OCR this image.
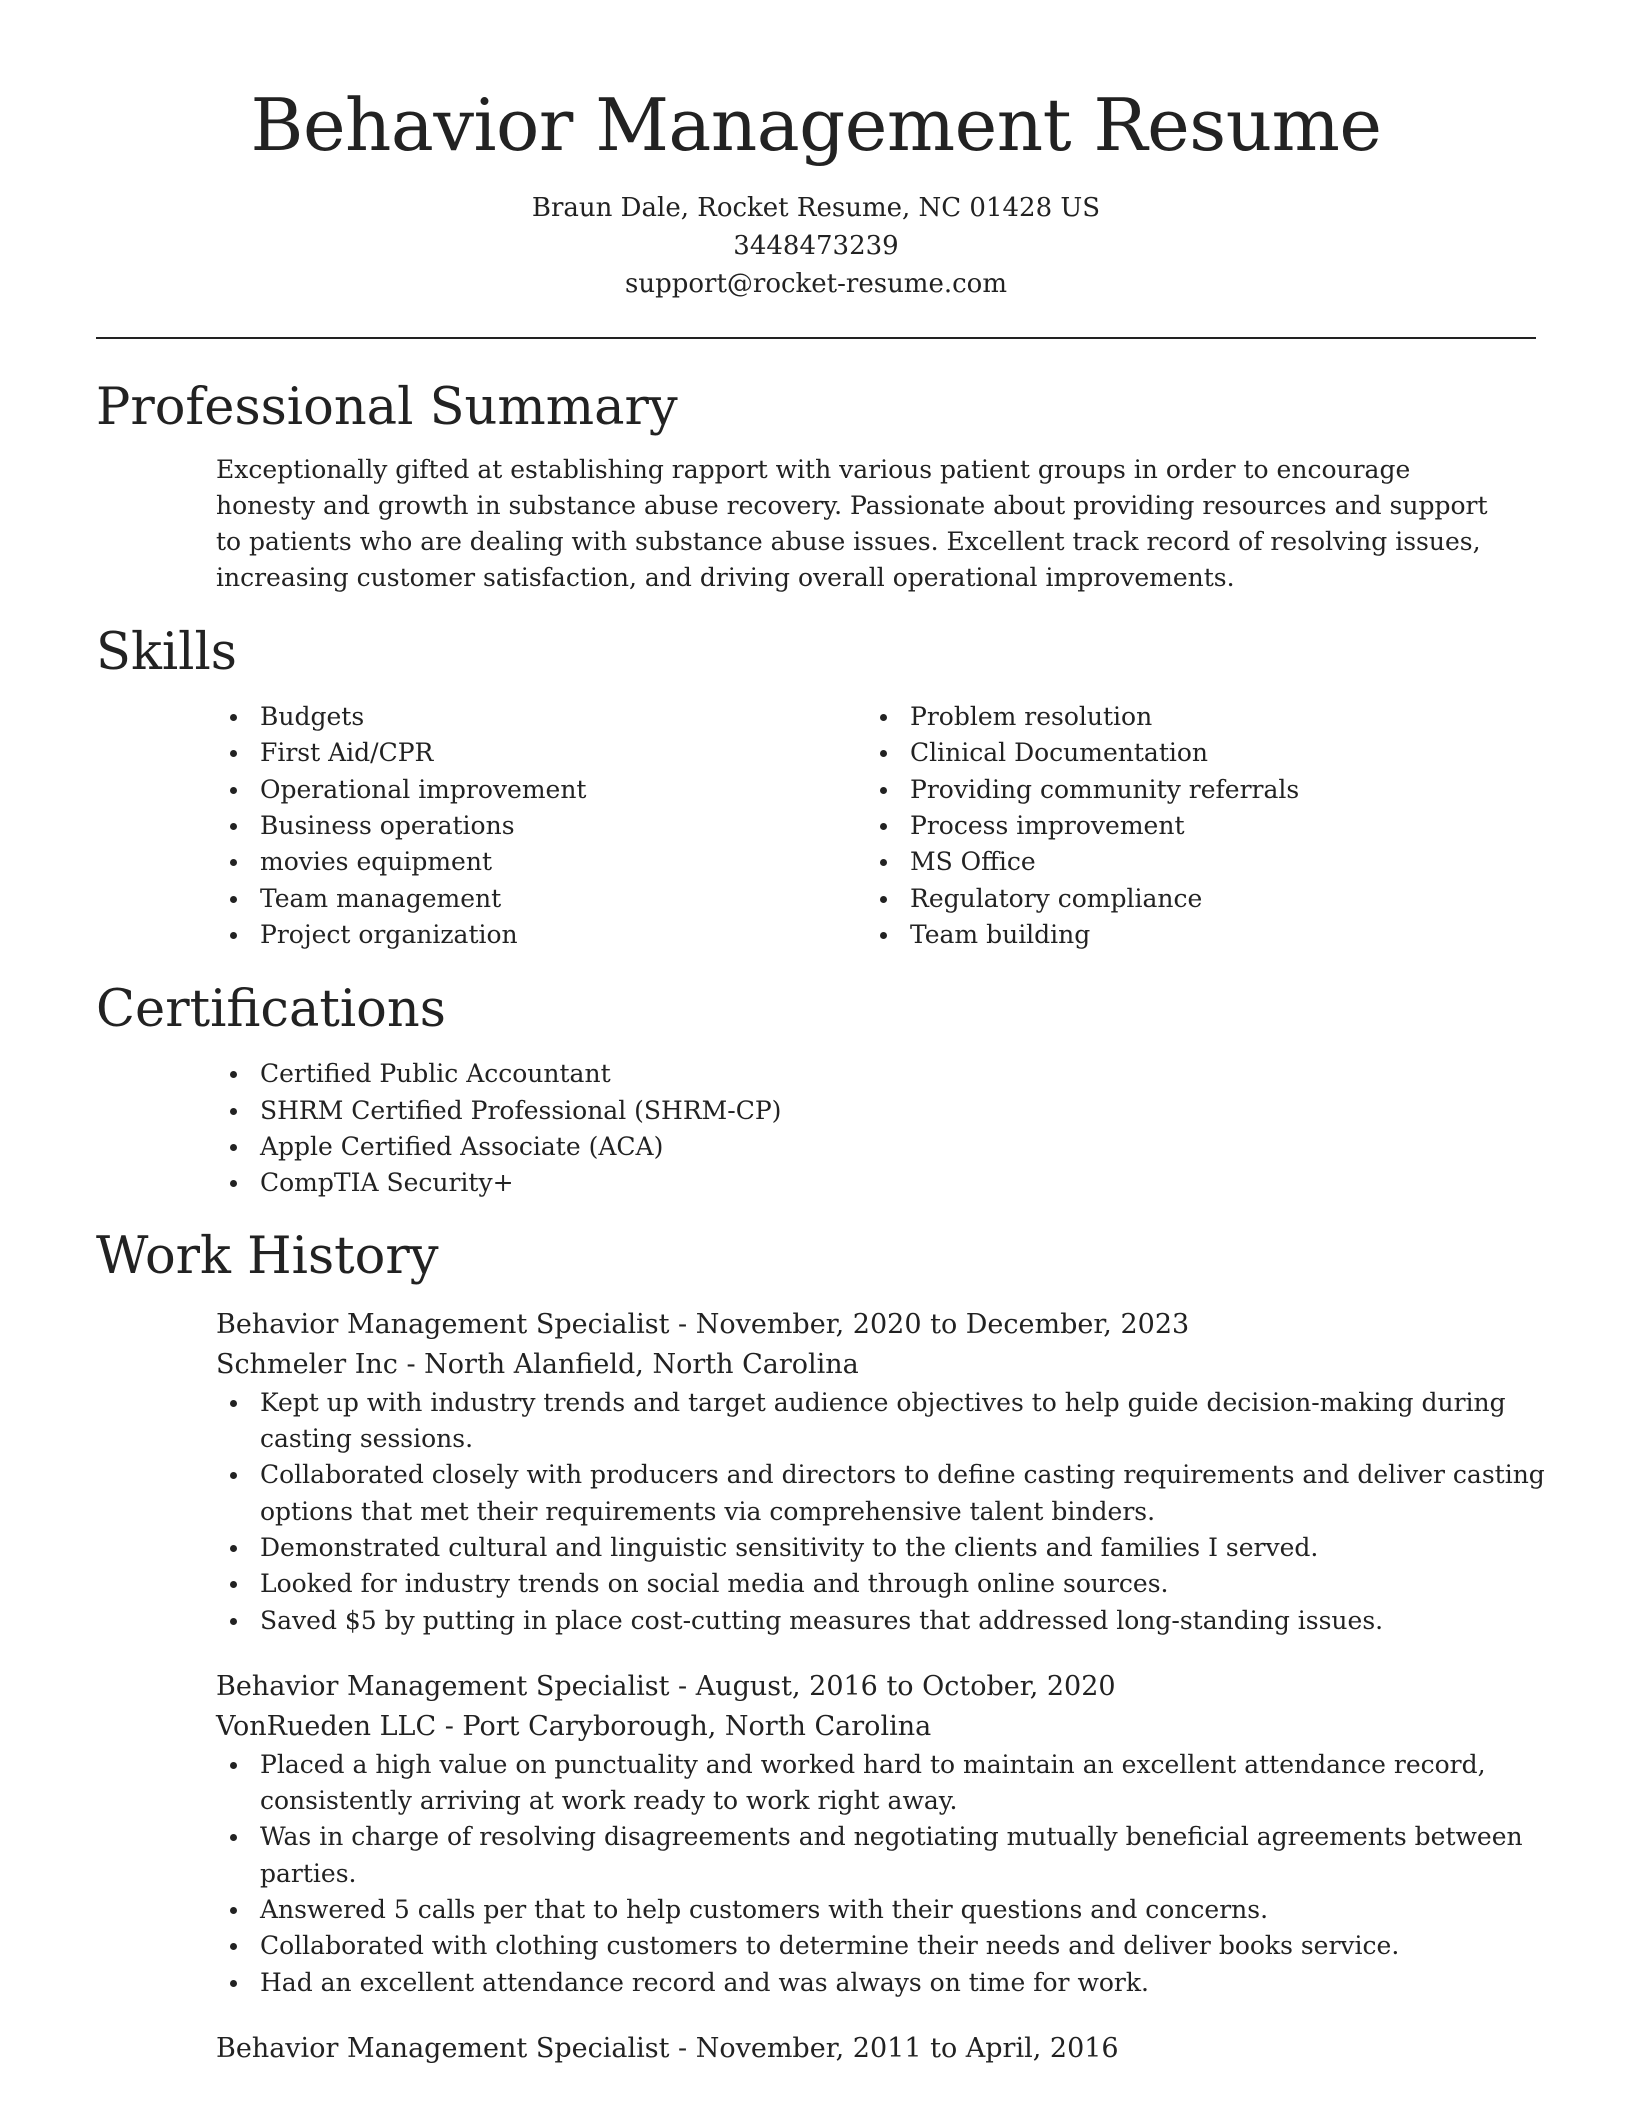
Behavior Management Resume
Braun Dale, Rocket Resume, NC 01428 US
3448473239
support@rocket-resume.com
Professional Summary

Exceptionally gifted at establishing rapport with various patient groups in order to encourage honesty and growth in substance abuse recovery. Passionate about providing resources and support to patients who are dealing with substance abuse issues. Excellent track record of resolving issues, increasing customer satisfaction, and driving overall operational improvements.

Skills
Budgets
First Aid/CPR
Operational improvement
Business operations
movies equipment
Team management
Project organization
Problem resolution
Clinical Documentation
Providing community referrals
Process improvement
MS Office
Regulatory compliance
Team building
Certifications
Certified Public Accountant
SHRM Certified Professional (SHRM-CP)
Apple Certified Associate (ACA)
CompTIA Security+
Work History
Behavior Management Specialist - November, 2020 to December, 2023
Schmeler Inc - North Alanfield, North Carolina
Kept up with industry trends and target audience objectives to help guide decision-making during casting sessions.
Collaborated closely with producers and directors to define casting requirements and deliver casting options that met their requirements via comprehensive talent binders.
Demonstrated cultural and linguistic sensitivity to the clients and families I served.
Looked for industry trends on social media and through online sources.
Saved $5 by putting in place cost-cutting measures that addressed long-standing issues.
Behavior Management Specialist - August, 2016 to October, 2020
VonRueden LLC - Port Caryborough, North Carolina
Placed a high value on punctuality and worked hard to maintain an excellent attendance record, consistently arriving at work ready to work right away.
Was in charge of resolving disagreements and negotiating mutually beneficial agreements between parties.
Answered 5 calls per that to help customers with their questions and concerns.
Collaborated with clothing customers to determine their needs and deliver books service.
Had an excellent attendance record and was always on time for work.
Behavior Management Specialist - November, 2011 to April, 2016
